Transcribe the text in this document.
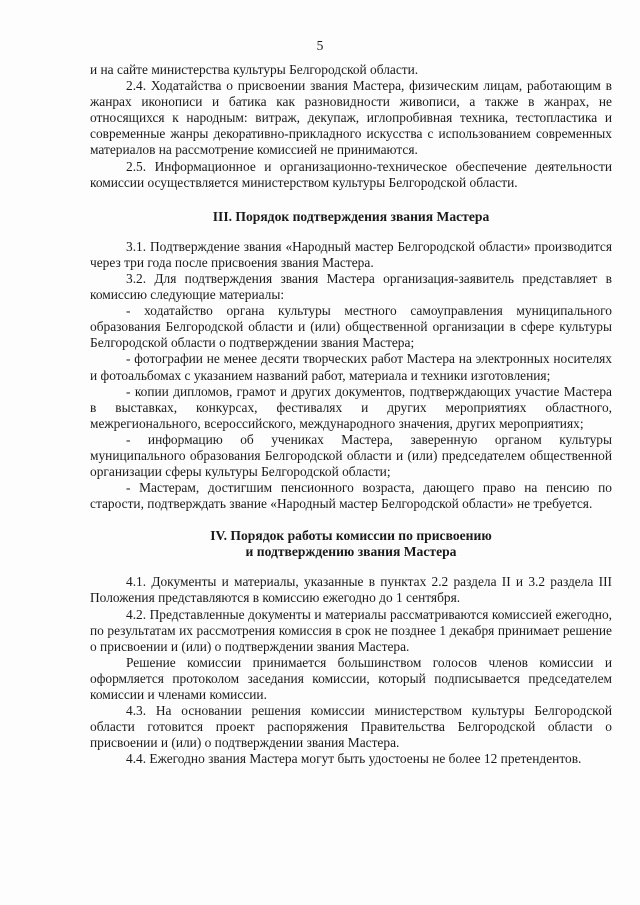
5

и на сайте министерства культуры Белгородской области.

2.4. Ходатайства о присвоении звания Мастера, физическим лицам, работающим в жанрах иконописи и батика как разновидности живописи, а также в жанрах, не относящихся к народным: витраж, декупаж, иглопробивная техника, тестопластика и современные жанры декоративно-прикладного искусства с использованием современных материалов на рассмотрение комиссией не принимаются.

2.5. Информационное и организационно-техническое обеспечение деятельности комиссии осуществляется министерством культуры Белгородской области.

III. Порядок подтверждения звания Мастера

3.1. Подтверждение звания «Народный мастер Белгородской области» производится через три года после присвоения звания Мастера.

3.2. Для подтверждения звания Мастера организация-заявитель представляет в комиссию следующие материалы:

- ходатайство органа культуры местного самоуправления муниципального образования Белгородской области и (или) общественной организации в сфере культуры Белгородской области о подтверждении звания Мастера;

- фотографии не менее десяти творческих работ Мастера на электронных носителях и фотоальбомах с указанием названий работ, материала и техники изготовления;

- копии дипломов, грамот и других документов, подтверждающих участие Мастера в выставках, конкурсах, фестивалях и других мероприятиях областного, межрегионального, всероссийского, международного значения, других мероприятиях;

- информацию об учениках Мастера, заверенную органом культуры муниципального образования Белгородской области и (или) председателем общественной организации сферы культуры Белгородской области;

- Мастерам, достигшим пенсионного возраста, дающего право на пенсию по старости, подтверждать звание «Народный мастер Белгородской области» не требуется.

IV. Порядок работы комиссии по присвоению

и подтверждению звания Мастера

4.1. Документы и материалы, указанные в пунктах 2.2 раздела II и 3.2 раздела III Положения представляются в комиссию ежегодно до 1 сентября.

4.2. Представленные документы и материалы рассматриваются комиссией ежегодно, по результатам их рассмотрения комиссия в срок не позднее 1 декабря принимает решение о присвоении и (или) о подтверждении звания Мастера.

Решение комиссии принимается большинством голосов членов комиссии и оформляется протоколом заседания комиссии, который подписывается председателем комиссии и членами комиссии.

4.3. На основании решения комиссии министерством культуры Белгородской области готовится проект распоряжения Правительства Белгородской области о присвоении и (или) о подтверждении звания Мастера.

4.4. Ежегодно звания Мастера могут быть удостоены не более 12 претендентов.
